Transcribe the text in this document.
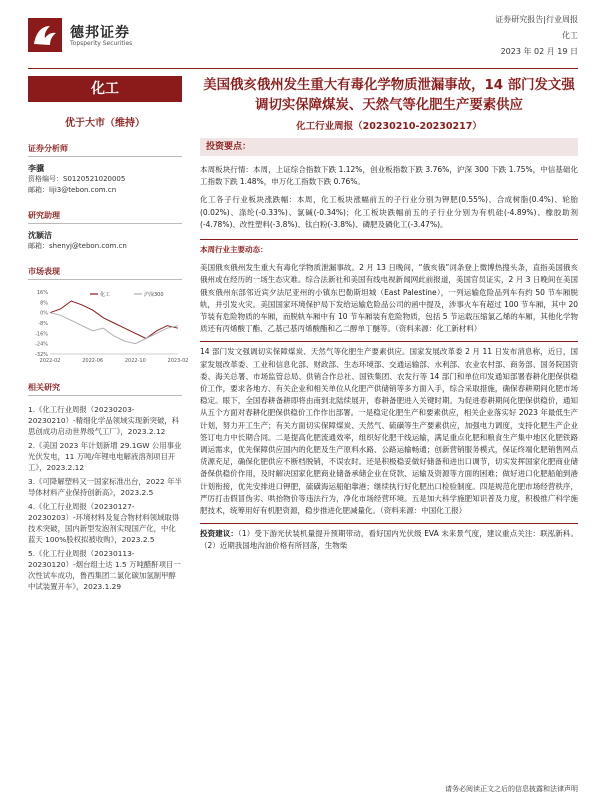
德邦证券
Topsperity Securities
证券研究报告|行业周报
化工
2023 年 02 月 19 日
化工
优于大市（维持）
证券分析师
李骥
资格编号：S0120521020005
邮箱：liji3@tebon.com.cn
研究助理
沈颖洁
邮箱：shenyj@tebon.com.cn
市场表现
16%
8%
0%
-8%
-16%
-24%
-32%
2022-02	2022-06	2022-10	2023-02
化工	沪深300
相关研究

1.《化工行业周报（20230203-20230210）-精细化学品领域实现新突破，科思创成功启动世界级气工厂》，2023.2.12

2.《美国 2023 年计划新增 29.1GW 公用事业光伏发电，11 万吨/年锂电电解液溶剂项目开工》，2023.2.12

3.《可降解塑料又一国家标准出台，2022 年半导体材料产业保持创新高》，2023.2.5

4.《化工行业周报（20230127-20230203）-环境材料及复合物材料领域取得技术突破，国内新型发泡剂实现国产化，中化蓝天 100%股权拟被收购》，2023.2.5

5.《化工行业周报（20230113-20230120）-烟台组士达 1.5 万吨醋酐项目一次性试车成功，鲁西集团二氯化碳加氢制甲醇中试装置开车》，2023.1.29

美国俄亥俄州发生重大有毒化学物质泄漏事故，14 部门发文强调切实保障煤炭、天然气等化肥生产要素供应
化工行业周报（20230210-20230217）
投资要点：

本周板块行情：本周，上证综合指数下跌 1.12%，创业板指数下跌 3.76%，沪深 300 下跌 1.75%，中信基础化工指数下跌 1.48%，申万化工指数下跌 0.76%。

化工各子行业板块涨跌幅：本周，化工板块涨幅前五的子行业分别为钾肥(0.55%)、合成树脂(0.4%)、轮胎(0.02%)、涤纶(-0.33%)、氯碱(-0.34%)；化工板块跌幅前五的子行业分别为有机硅(-4.89%)、橡胶助剂(-4.78%)、改性塑料(-3.8%)、钛白粉(-3.8%)、磷肥及磷化工(-3.47%)。

本周行业主要动态：

美国俄亥俄州发生重大有毒化学物质泄漏事故。2 月 13 日晚间，“俄亥俄”词条登上微博热搜头条，直指美国俄亥俄州或在经历的一场生态灾难。综合法新社和美国有线电视新闻网此前报道，美国官员证实，2 月 3 日晚间在美国俄亥俄州东部邻近宾夕法尼亚州的小镇东巴勒斯坦城（East Palestine），一列运输危险品列车有约 50 节车厢脱轨，并引发火灾。美国国家环境保护局下发给运输危险品公司的函中提及，涉事火车有超过 100 节车厢，其中 20 节装有危险物质的车厢，而脱轨车厢中有 10 节车厢装有危险物质，包括 5 节运载压缩氯乙烯的车厢，其他化学物质还有丙烯酸丁酯、乙基己基丙烯酸酯和乙二醇单丁醚等。（资料来源：化工新材料）

14 部门发文强调切实保障煤炭、天然气等化肥生产要素供应。国家发展改革委 2 月 11 日发布消息称，近日，国家发展改革委、工业和信息化部、财政部、生态环境部、交通运输部、水利部、农业农村部、商务部、国务院国资委、海关总署、市场监管总局、供销合作总社、国铁集团、农发行等 14 部门和单位印发通知部署春耕化肥保供稳价工作，要求各地方、有关企业和相关单位从化肥产供储销等多方面入手，综合采取措施，确保春耕期间化肥市场稳定。眼下，全国春耕备耕即将由南到北陆续展开，春耕备肥进入关键时期。为促进春耕期间化肥保供稳价，通知从五个方面对春耕化肥保供稳价工作作出部署。一是稳定化肥生产和要素供应，相关企业落实好 2023 年最低生产计划，努力开工生产；有关方面切实保障煤炭、天然气、硫磺等生产要素供应，加强电力调度，支持化肥生产企业签订电力中长期合同。二是提高化肥流通效率，组织好化肥干线运输，满足重点化肥和粮食生产集中地区化肥铁路调运需求，优先保障供应国内的化肥及生产原料水路、公路运输畅通；创新营销服务模式，保证终端化肥销售网点货源充足，确保化肥供应不断档脱销，不误农时。还是积极稳妥做好储备和进出口调节，切实发挥国家化肥商业储备保供稳价作用，及时解决国家化肥商业储备承储企业在贷款、运输及资源等方面的困难；做好进口化肥船舶到港计划衔接，优先安排进口钾肥，硫磺海运船舶靠港；继续执行好化肥出口检验制度。四是规范化肥市场经营秩序，严厉打击假冒伪劣、哄抬物价等违法行为，净化市场经营环境。五是加大科学施肥知识普及力度，积极推广科学施肥技术，统筹用好有机肥资源，稳步推进化肥减量化。（资料来源：中国化工报）

投资建议：（1）受下游光伏装机量提升预期带动，看好国内光伏级 EVA 未来景气度，建议重点关注：联泓新科。（2）近期我国地沟油价格有所回落，生物柴

请务必阅读正文之后的信息披露和法律声明
